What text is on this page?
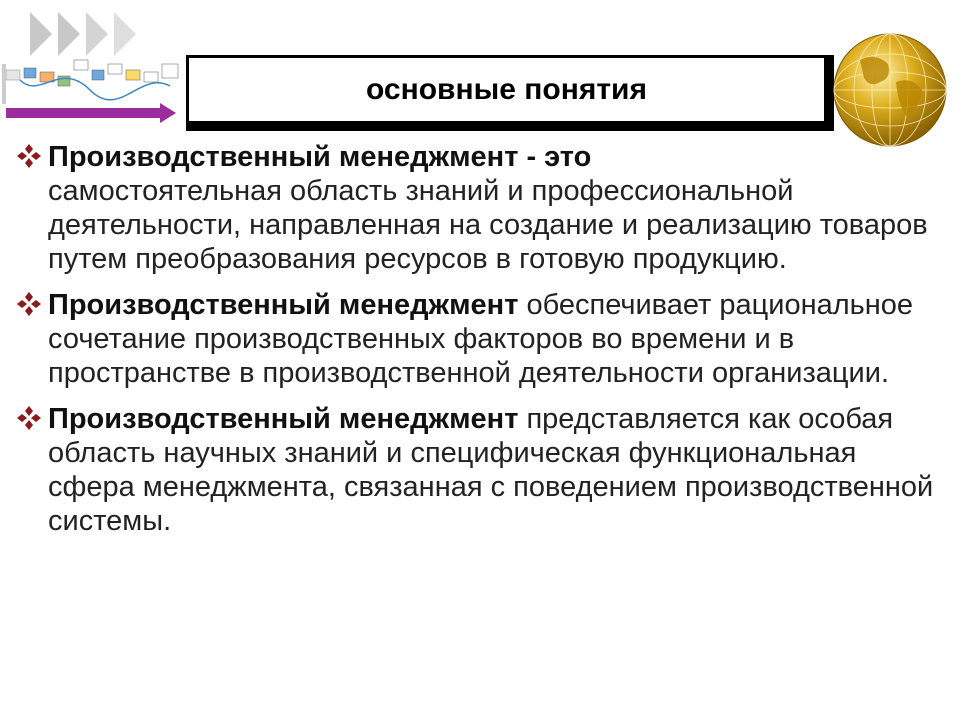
основные понятия
Производственный менеджмент - это
самостоятельная область знаний и профессиональной деятельности, направленная на создание и реализацию товаров путем преобразования ресурсов в готовую продукцию.
Производственный менеджмент обеспечивает рациональное сочетание производственных факторов во времени и в пространстве в производственной деятельности организации.
Производственный менеджмент представляется как особая область научных знаний и специфическая функциональная сфера менеджмента, связанная с поведением производственной системы.
